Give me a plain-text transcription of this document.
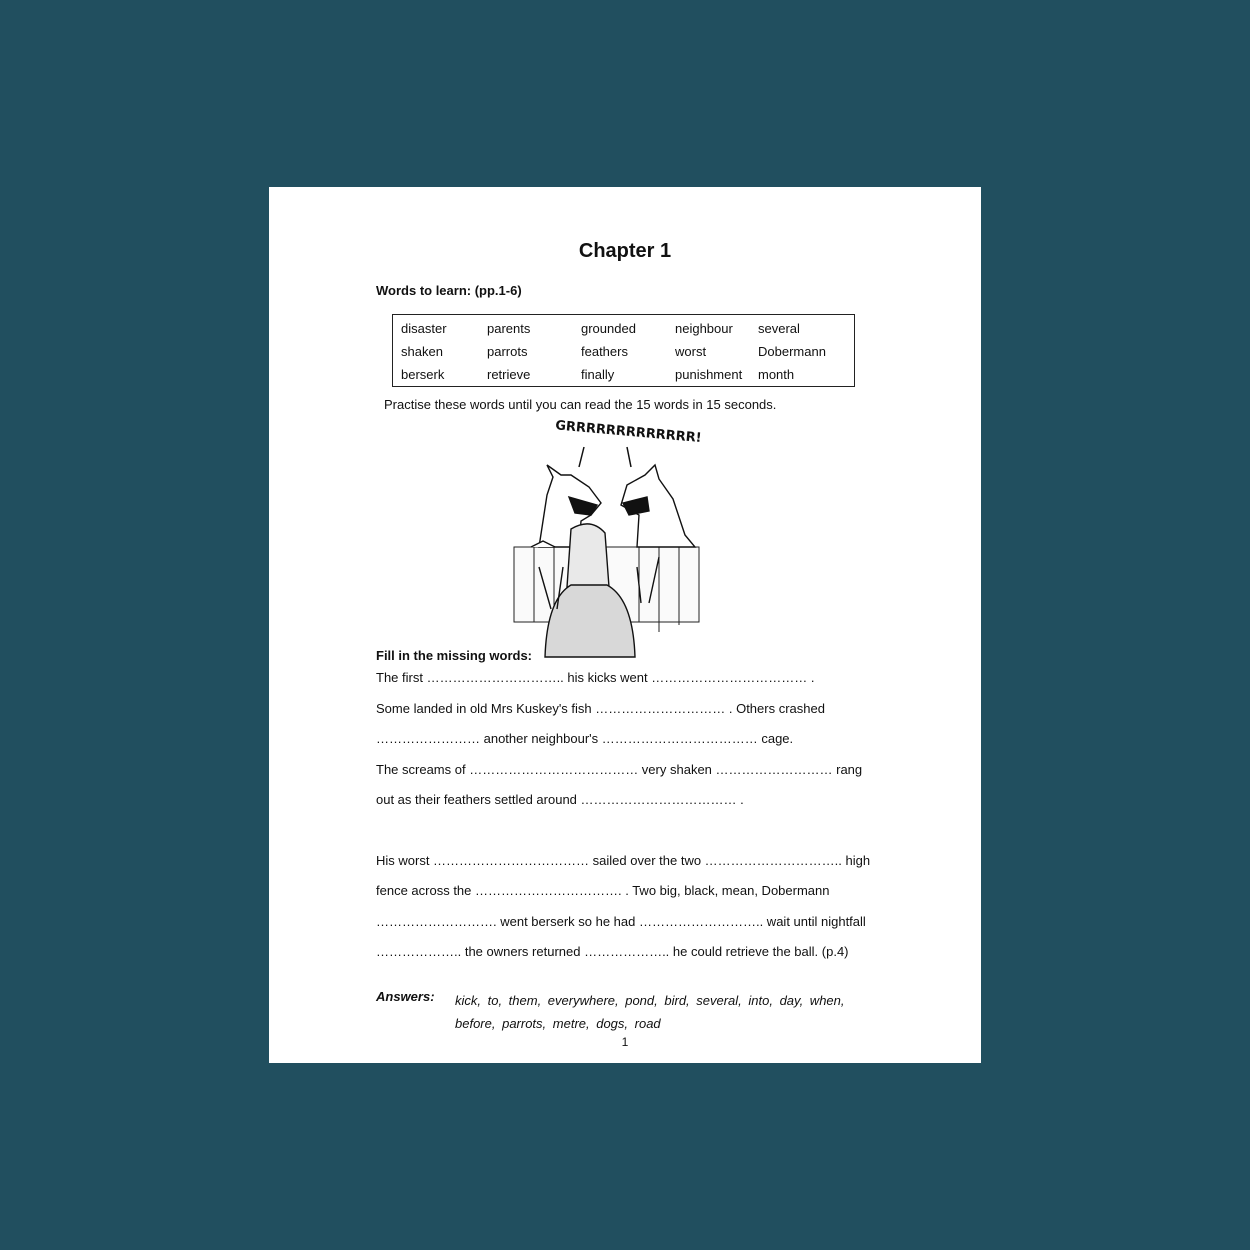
Chapter 1
Words to learn: (pp.1-6)
disaster	parents	grounded	neighbour	several
shaken	parrots	feathers	worst	Dobermann
berserk	retrieve	finally	punishment	month
Practise these words until you can read the 15 words in 15 seconds.
GRRRRRRRRRRRRR!
Fill in the missing words:
The first ………………………….. his kicks went ……………………………… .
Some landed in old Mrs Kuskey's fish ………………………… . Others crashed
…………………… another neighbour's ……………………………… cage.
The screams of ………………………………… very shaken ……………………… rang
out as their feathers settled around ……………………………… .
His worst ……………………………… sailed over the two ………………………….. high
fence across the ……………………………. . Two big, black, mean, Dobermann
………………………. went berserk so he had ……………………….. wait until nightfall
……………….. the owners returned ……………….. he could retrieve the ball. (p.4)
Answers: kick, to, them, everywhere, pond, bird, several, into, day, when,
before, parrots, metre, dogs, road
1
